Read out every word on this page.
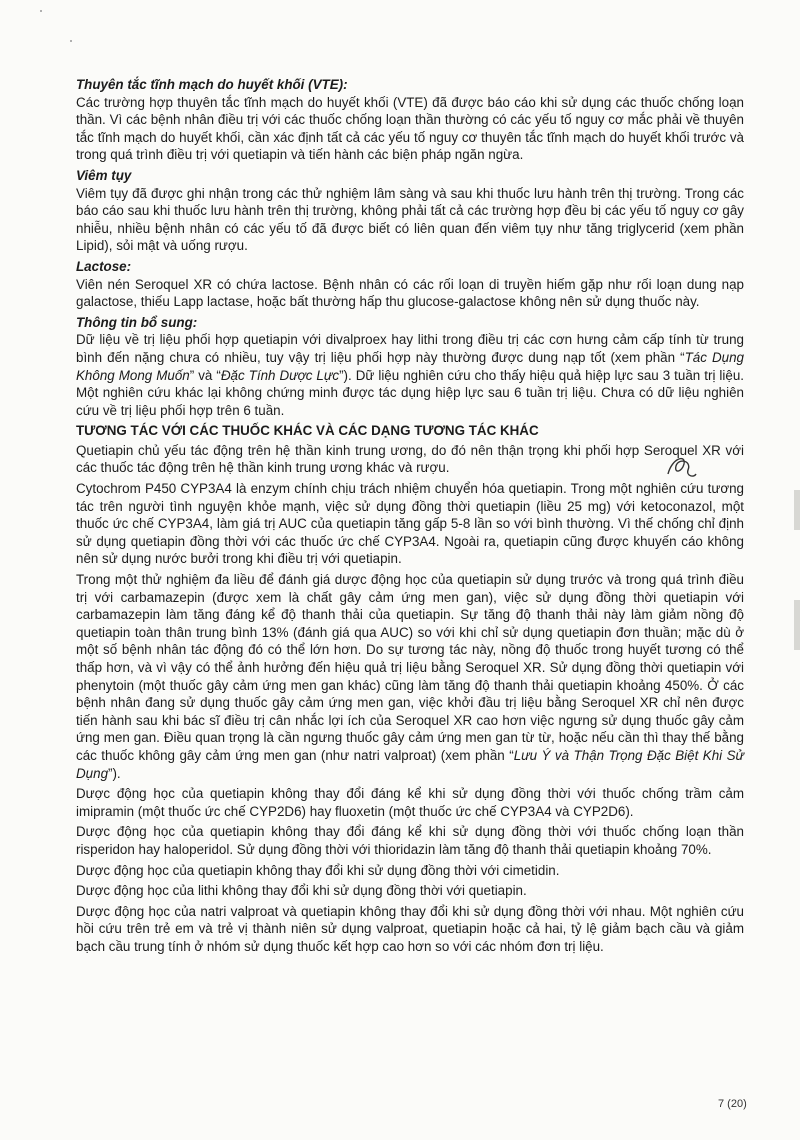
Thuyên tắc tĩnh mạch do huyết khối (VTE):

Các trường hợp thuyên tắc tĩnh mạch do huyết khối (VTE) đã được báo cáo khi sử dụng các thuốc chống loạn thần. Vì các bệnh nhân điều trị với các thuốc chống loạn thần thường có các yếu tố nguy cơ mắc phải về thuyên tắc tĩnh mạch do huyết khối, cần xác định tất cả các yếu tố nguy cơ thuyên tắc tĩnh mạch do huyết khối trước và trong quá trình điều trị với quetiapin và tiến hành các biện pháp ngăn ngừa.

Viêm tụy

Viêm tụy đã được ghi nhận trong các thử nghiệm lâm sàng và sau khi thuốc lưu hành trên thị trường. Trong các báo cáo sau khi thuốc lưu hành trên thị trường, không phải tất cả các trường hợp đều bị các yếu tố nguy cơ gây nhiễu, nhiều bệnh nhân có các yếu tố đã được biết có liên quan đến viêm tụy như tăng triglycerid (xem phần Lipid), sỏi mật và uống rượu.

Lactose:

Viên nén Seroquel XR có chứa lactose. Bệnh nhân có các rối loạn di truyền hiếm gặp như rối loạn dung nạp galactose, thiếu Lapp lactase, hoặc bất thường hấp thu glucose-galactose không nên sử dụng thuốc này.

Thông tin bổ sung:

Dữ liệu về trị liệu phối hợp quetiapin với divalproex hay lithi trong điều trị các cơn hưng cảm cấp tính từ trung bình đến nặng chưa có nhiều, tuy vậy trị liệu phối hợp này thường được dung nạp tốt (xem phần “Tác Dụng Không Mong Muốn” và “Đặc Tính Dược Lực”). Dữ liệu nghiên cứu cho thấy hiệu quả hiệp lực sau 3 tuần trị liệu. Một nghiên cứu khác lại không chứng minh được tác dụng hiệp lực sau 6 tuần trị liệu. Chưa có dữ liệu nghiên cứu về trị liệu phối hợp trên 6 tuần.

TƯƠNG TÁC VỚI CÁC THUỐC KHÁC VÀ CÁC DẠNG TƯƠNG TÁC KHÁC

Quetiapin chủ yếu tác động trên hệ thần kinh trung ương, do đó nên thận trọng khi phối hợp Seroquel XR với các thuốc tác động trên hệ thần kinh trung ương khác và rượu.

Cytochrom P450 CYP3A4 là enzym chính chịu trách nhiệm chuyển hóa quetiapin. Trong một nghiên cứu tương tác trên người tình nguyện khỏe mạnh, việc sử dụng đồng thời quetiapin (liều 25 mg) với ketoconazol, một thuốc ức chế CYP3A4, làm giá trị AUC của quetiapin tăng gấp 5-8 lần so với bình thường. Vì thế chống chỉ định sử dụng quetiapin đồng thời với các thuốc ức chế CYP3A4. Ngoài ra, quetiapin cũng được khuyến cáo không nên sử dụng nước bưởi trong khi điều trị với quetiapin.

Trong một thử nghiệm đa liều để đánh giá dược động học của quetiapin sử dụng trước và trong quá trình điều trị với carbamazepin (được xem là chất gây cảm ứng men gan), việc sử dụng đồng thời quetiapin với carbamazepin làm tăng đáng kể độ thanh thải của quetiapin. Sự tăng độ thanh thải này làm giảm nồng độ quetiapin toàn thân trung bình 13% (đánh giá qua AUC) so với khi chỉ sử dụng quetiapin đơn thuần; mặc dù ở một số bệnh nhân tác động đó có thể lớn hơn. Do sự tương tác này, nồng độ thuốc trong huyết tương có thể thấp hơn, và vì vậy có thể ảnh hưởng đến hiệu quả trị liệu bằng Seroquel XR. Sử dụng đồng thời quetiapin với phenytoin (một thuốc gây cảm ứng men gan khác) cũng làm tăng độ thanh thải quetiapin khoảng 450%. Ở các bệnh nhân đang sử dụng thuốc gây cảm ứng men gan, việc khởi đầu trị liệu bằng Seroquel XR chỉ nên được tiến hành sau khi bác sĩ điều trị cân nhắc lợi ích của Seroquel XR cao hơn việc ngưng sử dụng thuốc gây cảm ứng men gan. Điều quan trọng là cần ngưng thuốc gây cảm ứng men gan từ từ, hoặc nếu cần thì thay thế bằng các thuốc không gây cảm ứng men gan (như natri valproat) (xem phần “Lưu Ý và Thận Trọng Đặc Biệt Khi Sử Dụng”).

Dược động học của quetiapin không thay đổi đáng kể khi sử dụng đồng thời với thuốc chống trầm cảm imipramin (một thuốc ức chế CYP2D6) hay fluoxetin (một thuốc ức chế CYP3A4 và CYP2D6).

Dược động học của quetiapin không thay đổi đáng kể khi sử dụng đồng thời với thuốc chống loạn thần risperidon hay haloperidol. Sử dụng đồng thời với thioridazin làm tăng độ thanh thải quetiapin khoảng 70%.

Dược động học của quetiapin không thay đổi khi sử dụng đồng thời với cimetidin.

Dược động học của lithi không thay đổi khi sử dụng đồng thời với quetiapin.

Dược động học của natri valproat và quetiapin không thay đổi khi sử dụng đồng thời với nhau. Một nghiên cứu hồi cứu trên trẻ em và trẻ vị thành niên sử dụng valproat, quetiapin hoặc cả hai, tỷ lệ giảm bạch cầu và giảm bạch cầu trung tính ở nhóm sử dụng thuốc kết hợp cao hơn so với các nhóm đơn trị liệu.

7 (20)
